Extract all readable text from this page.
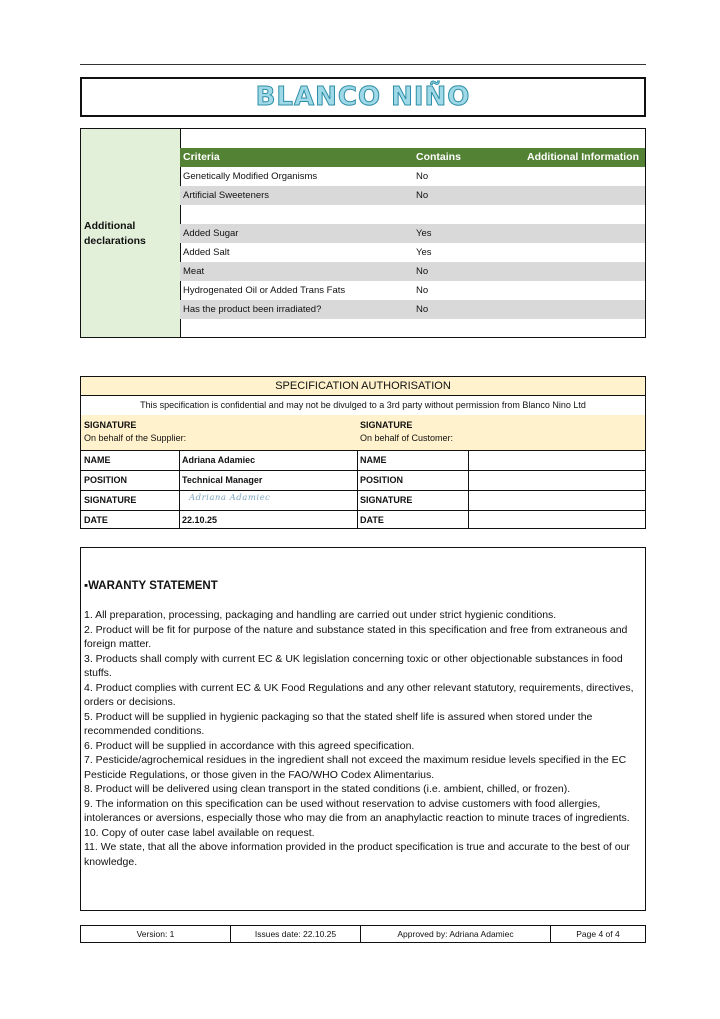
BLANCO NIÑO
Additional declarations
Criteria	Contains	Additional Information
Genetically Modified Organisms	No
Artificial Sweeteners	No
Added Sugar	Yes
Added Salt	Yes
Meat	No
Hydrogenated Oil or Added Trans Fats	No
Has the product been irradiated?	No
SPECIFICATION AUTHORISATION
This specification is confidential and may not be divulged to a 3rd party without permission from Blanco Nino Ltd
SIGNATURE
On behalf of the Supplier:
SIGNATURE
On behalf of Customer:
NAME	Adriana Adamiec	NAME
POSITION	Technical Manager	POSITION
SIGNATURE	Adriana Adamiec	SIGNATURE
DATE	22.10.25	DATE
▪WARANTY STATEMENT

1. All preparation, processing, packaging and handling are carried out under strict hygienic conditions.

2. Product will be fit for purpose of the nature and substance stated in this specification and free from extraneous and foreign matter.

3. Products shall comply with current EC & UK legislation concerning toxic or other objectionable substances in food stuffs.

4. Product complies with current EC & UK Food Regulations and any other relevant statutory, requirements, directives, orders or decisions.

5. Product will be supplied in hygienic packaging so that the stated shelf life is assured when stored under the recommended conditions.

6. Product will be supplied in accordance with this agreed specification.

7. Pesticide/agrochemical residues in the ingredient shall not exceed the maximum residue levels specified in the EC Pesticide Regulations, or those given in the FAO/WHO Codex Alimentarius.

8. Product will be delivered using clean transport in the stated conditions (i.e. ambient, chilled, or frozen).

9. The information on this specification can be used without reservation to advise customers with food allergies, intolerances or aversions, especially those who may die from an anaphylactic reaction to minute traces of ingredients.

10. Copy of outer case label available on request.

11. We state, that all the above information provided in the product specification is true and accurate to the best of our knowledge.

Version: 1	Issues date: 22.10.25	Approved by: Adriana Adamiec	Page 4 of 4
